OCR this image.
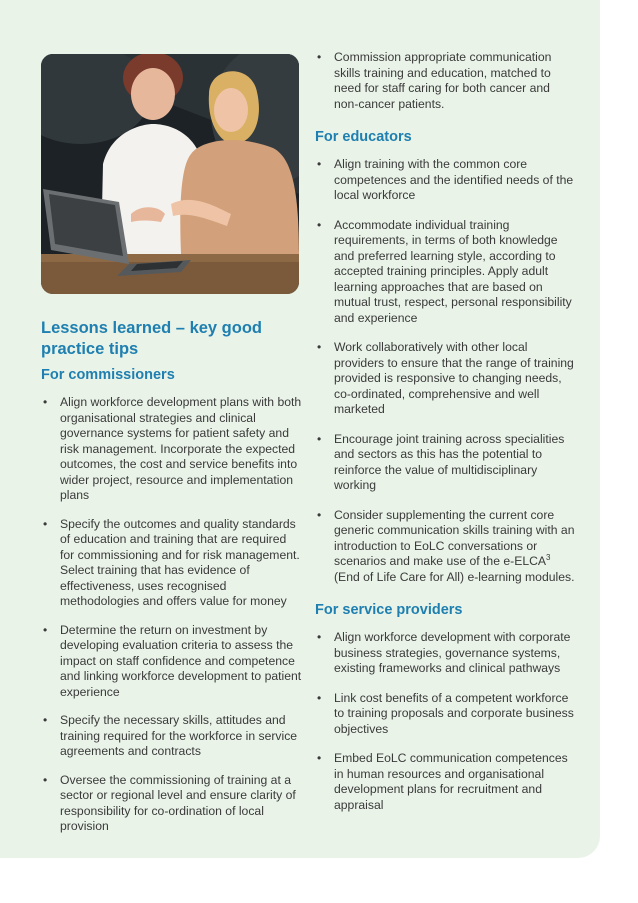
Lessons learned – key good practice tips
For commissioners
• Align workforce development plans with both organisational strategies and clinical governance systems for patient safety and risk management. Incorporate the expected outcomes, the cost and service benefits into wider project, resource and implementation plans
• Specify the outcomes and quality standards of education and training that are required for commissioning and for risk management. Select training that has evidence of effectiveness, uses recognised methodologies and offers value for money
• Determine the return on investment by developing evaluation criteria to assess the impact on staff confidence and competence and linking workforce development to patient experience
• Specify the necessary skills, attitudes and training required for the workforce in service agreements and contracts
• Oversee the commissioning of training at a sector or regional level and ensure clarity of responsibility for co-ordination of local provision
• Commission appropriate communication skills training and education, matched to need for staff caring for both cancer and non-cancer patients.
For educators
• Align training with the common core competences and the identified needs of the local workforce
• Accommodate individual training requirements, in terms of both knowledge and preferred learning style, according to accepted training principles. Apply adult learning approaches that are based on mutual trust, respect, personal responsibility and experience
• Work collaboratively with other local providers to ensure that the range of training provided is responsive to changing needs, co-ordinated, comprehensive and well marketed
• Encourage joint training across specialities and sectors as this has the potential to reinforce the value of multidisciplinary working
• Consider supplementing the current core generic communication skills training with an introduction to EoLC conversations or scenarios and make use of the e-ELCA$^3$ (End of Life Care for All) e-learning modules.
For service providers
• Align workforce development with corporate business strategies, governance systems, existing frameworks and clinical pathways
• Link cost benefits of a competent workforce to training proposals and corporate business objectives
• Embed EoLC communication competences in human resources and organisational development plans for recruitment and appraisal
